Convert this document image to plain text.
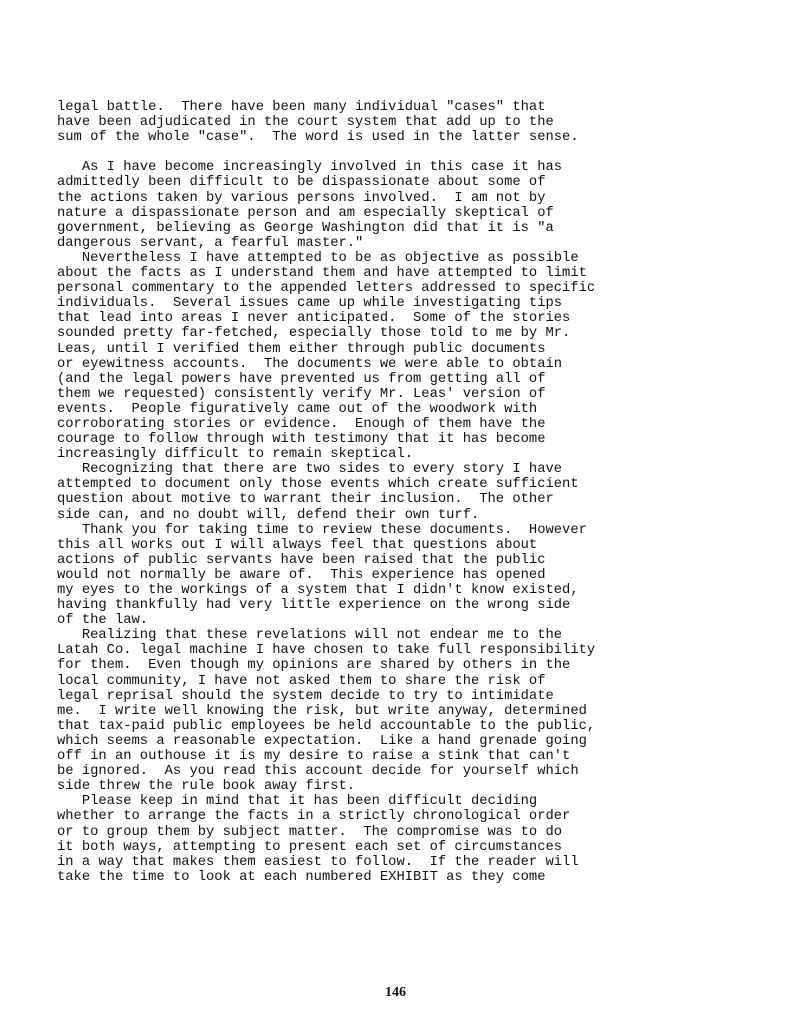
legal battle.  There have been many individual "cases" that
have been adjudicated in the court system that add up to the
sum of the whole "case".  The word is used in the latter sense.
As I have become increasingly involved in this case it has
admittedly been difficult to be dispassionate about some of
the actions taken by various persons involved.  I am not by
nature a dispassionate person and am especially skeptical of
government, believing as George Washington did that it is "a
dangerous servant, a fearful master."
Nevertheless I have attempted to be as objective as possible
about the facts as I understand them and have attempted to limit
personal commentary to the appended letters addressed to specific
individuals.  Several issues came up while investigating tips
that lead into areas I never anticipated.  Some of the stories
sounded pretty far-fetched, especially those told to me by Mr.
Leas, until I verified them either through public documents
or eyewitness accounts.  The documents we were able to obtain
(and the legal powers have prevented us from getting all of
them we requested) consistently verify Mr. Leas' version of
events.  People figuratively came out of the woodwork with
corroborating stories or evidence.  Enough of them have the
courage to follow through with testimony that it has become
increasingly difficult to remain skeptical.
Recognizing that there are two sides to every story I have
attempted to document only those events which create sufficient
question about motive to warrant their inclusion.  The other
side can, and no doubt will, defend their own turf.
Thank you for taking time to review these documents.  However
this all works out I will always feel that questions about
actions of public servants have been raised that the public
would not normally be aware of.  This experience has opened
my eyes to the workings of a system that I didn't know existed,
having thankfully had very little experience on the wrong side
of the law.
Realizing that these revelations will not endear me to the
Latah Co. legal machine I have chosen to take full responsibility
for them.  Even though my opinions are shared by others in the
local community, I have not asked them to share the risk of
legal reprisal should the system decide to try to intimidate
me.  I write well knowing the risk, but write anyway, determined
that tax-paid public employees be held accountable to the public,
which seems a reasonable expectation.  Like a hand grenade going
off in an outhouse it is my desire to raise a stink that can't
be ignored.  As you read this account decide for yourself which
side threw the rule book away first.
Please keep in mind that it has been difficult deciding
whether to arrange the facts in a strictly chronological order
or to group them by subject matter.  The compromise was to do
it both ways, attempting to present each set of circumstances
in a way that makes them easiest to follow.  If the reader will
take the time to look at each numbered EXHIBIT as they come
146
